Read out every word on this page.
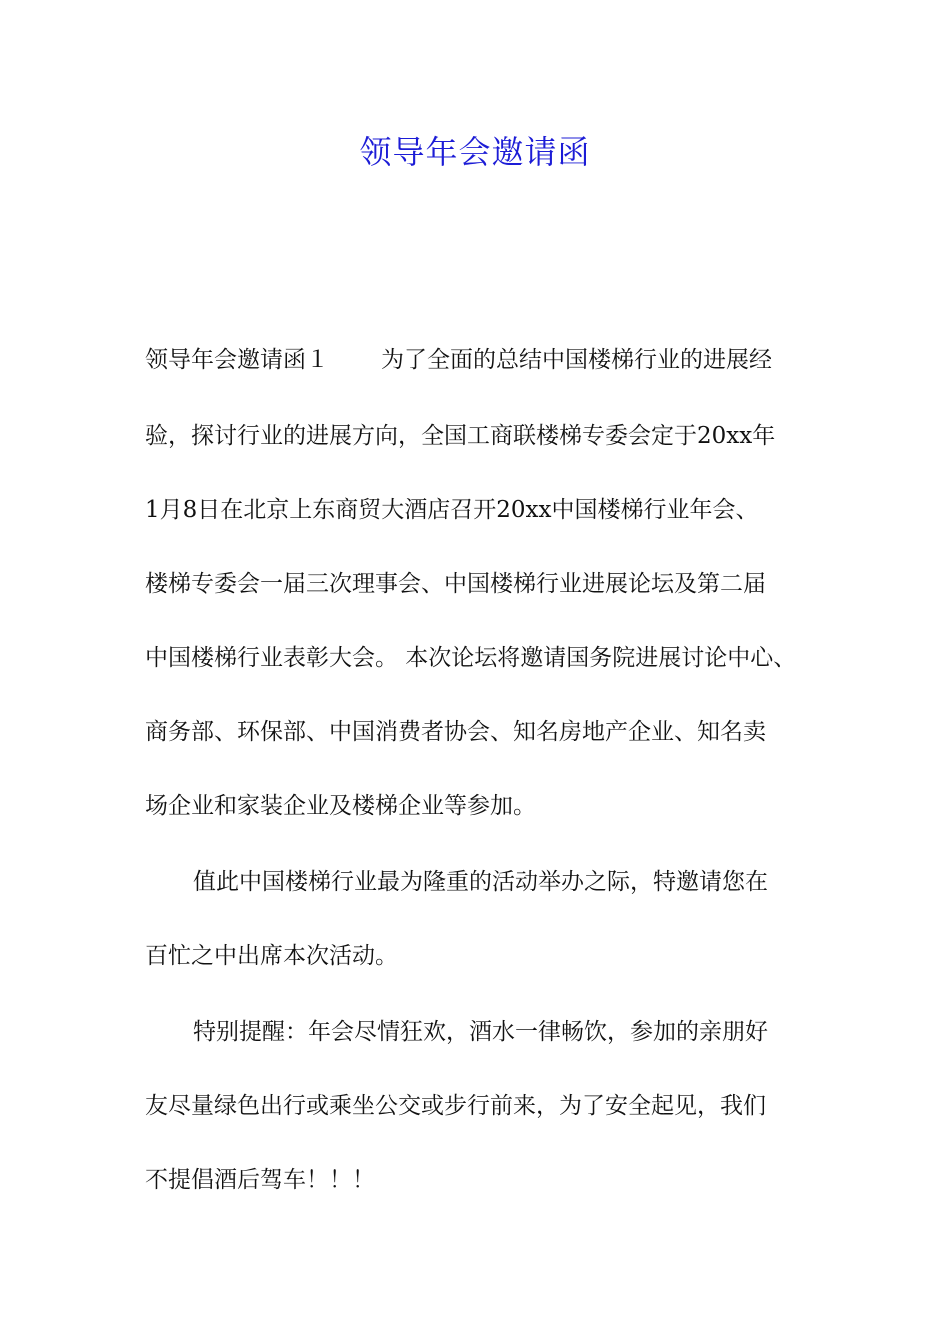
领导年会邀请函
领导年会邀请函１ 为了全面的总结中国楼梯行业的进展经
验，探讨行业的进展方向，全国工商联楼梯专委会定于20xx年
1月8日在北京上东商贸大酒店召开20xx中国楼梯行业年会、
楼梯专委会一届三次理事会、中国楼梯行业进展论坛及第二届
中国楼梯行业表彰大会。 本次论坛将邀请国务院进展讨论中心、
商务部、环保部、中国消费者协会、知名房地产企业、知名卖
场企业和家装企业及楼梯企业等参加。
值此中国楼梯行业最为隆重的活动举办之际，特邀请您在
百忙之中出席本次活动。
特别提醒：年会尽情狂欢，酒水一律畅饮，参加的亲朋好
友尽量绿色出行或乘坐公交或步行前来，为了安全起见，我们
不提倡酒后驾车！！！
